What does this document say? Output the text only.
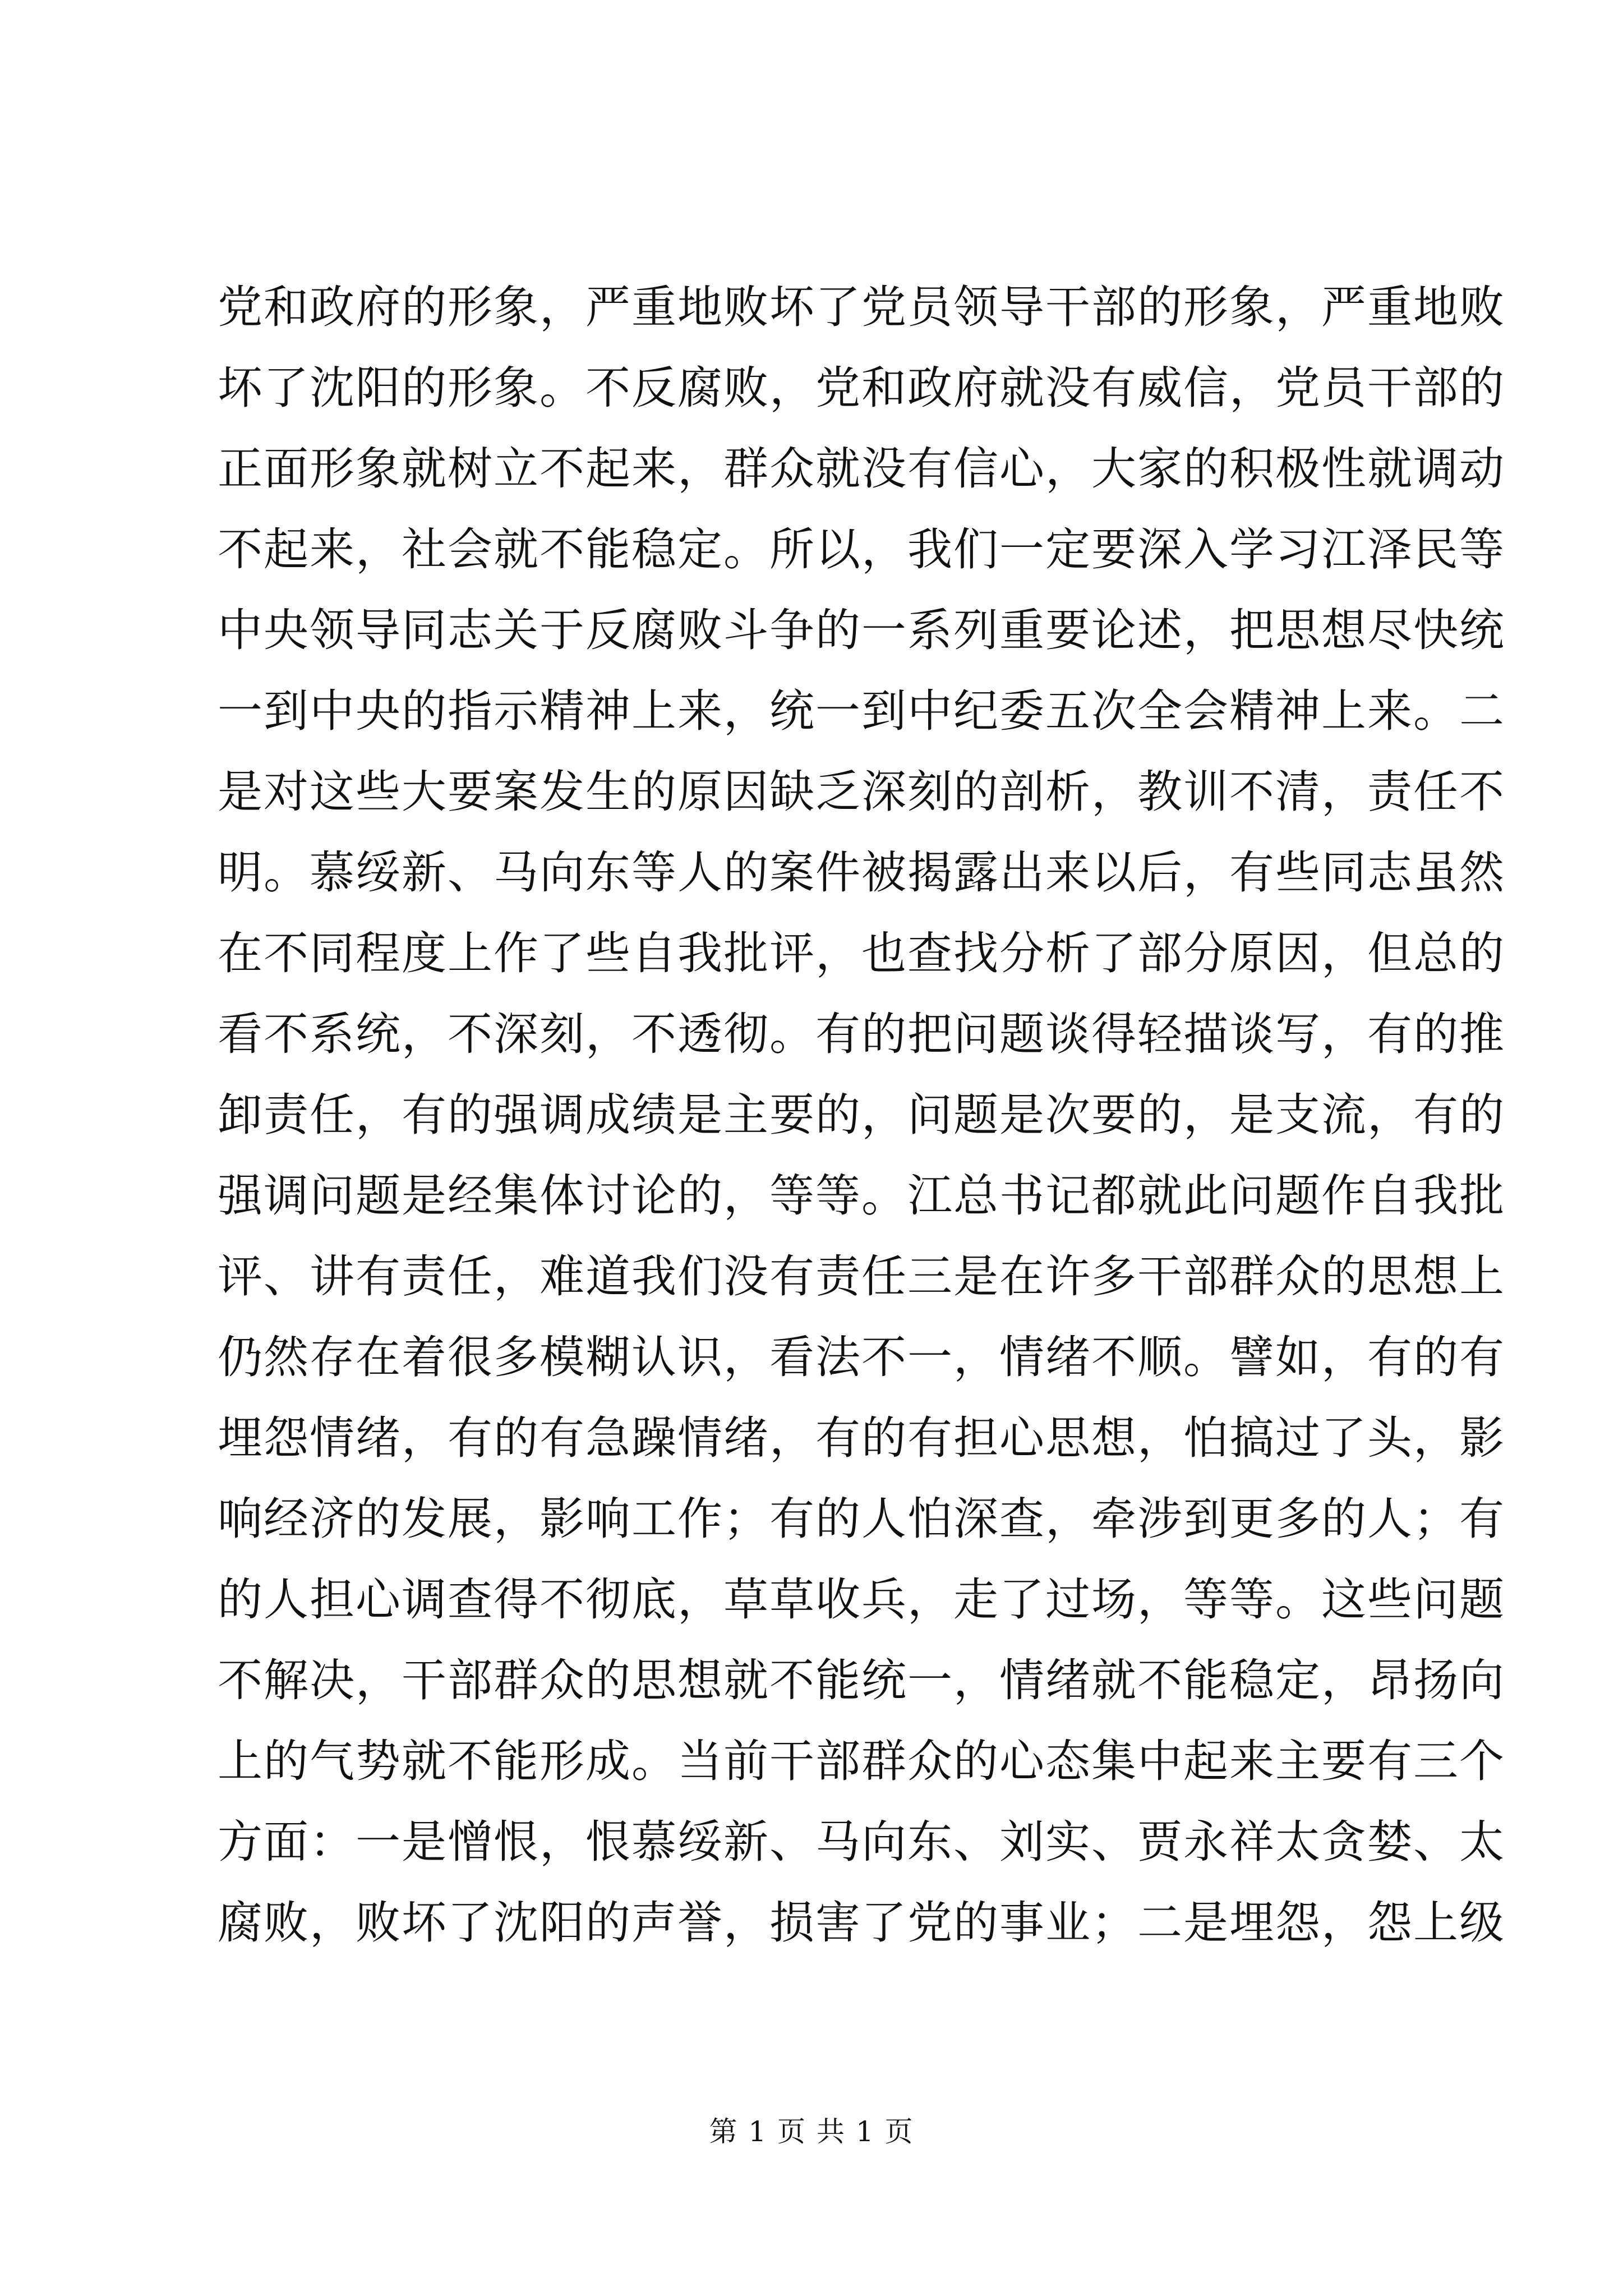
党和政府的形象，严重地败坏了党员领导干部的形象，严重地败
坏了沈阳的形象。不反腐败，党和政府就没有威信，党员干部的
正面形象就树立不起来，群众就没有信心，大家的积极性就调动
不起来，社会就不能稳定。所以，我们一定要深入学习江泽民等
中央领导同志关于反腐败斗争的一系列重要论述，把思想尽快统
一到中央的指示精神上来，统一到中纪委五次全会精神上来。二
是对这些大要案发生的原因缺乏深刻的剖析，教训不清，责任不
明。慕绥新、马向东等人的案件被揭露出来以后，有些同志虽然
在不同程度上作了些自我批评，也查找分析了部分原因，但总的
看不系统，不深刻，不透彻。有的把问题谈得轻描谈写，有的推
卸责任，有的强调成绩是主要的，问题是次要的，是支流，有的
强调问题是经集体讨论的，等等。江总书记都就此问题作自我批
评、讲有责任，难道我们没有责任三是在许多干部群众的思想上
仍然存在着很多模糊认识，看法不一，情绪不顺。譬如，有的有
埋怨情绪，有的有急躁情绪，有的有担心思想，怕搞过了头，影
响经济的发展，影响工作；有的人怕深查，牵涉到更多的人；有
的人担心调查得不彻底，草草收兵，走了过场，等等。这些问题
不解决，干部群众的思想就不能统一，情绪就不能稳定，昂扬向
上的气势就不能形成。当前干部群众的心态集中起来主要有三个
方面：一是憎恨，恨慕绥新、马向东、刘实、贾永祥太贪婪、太
腐败，败坏了沈阳的声誉，损害了党的事业；二是埋怨，怨上级
第 1 页 共 1 页
